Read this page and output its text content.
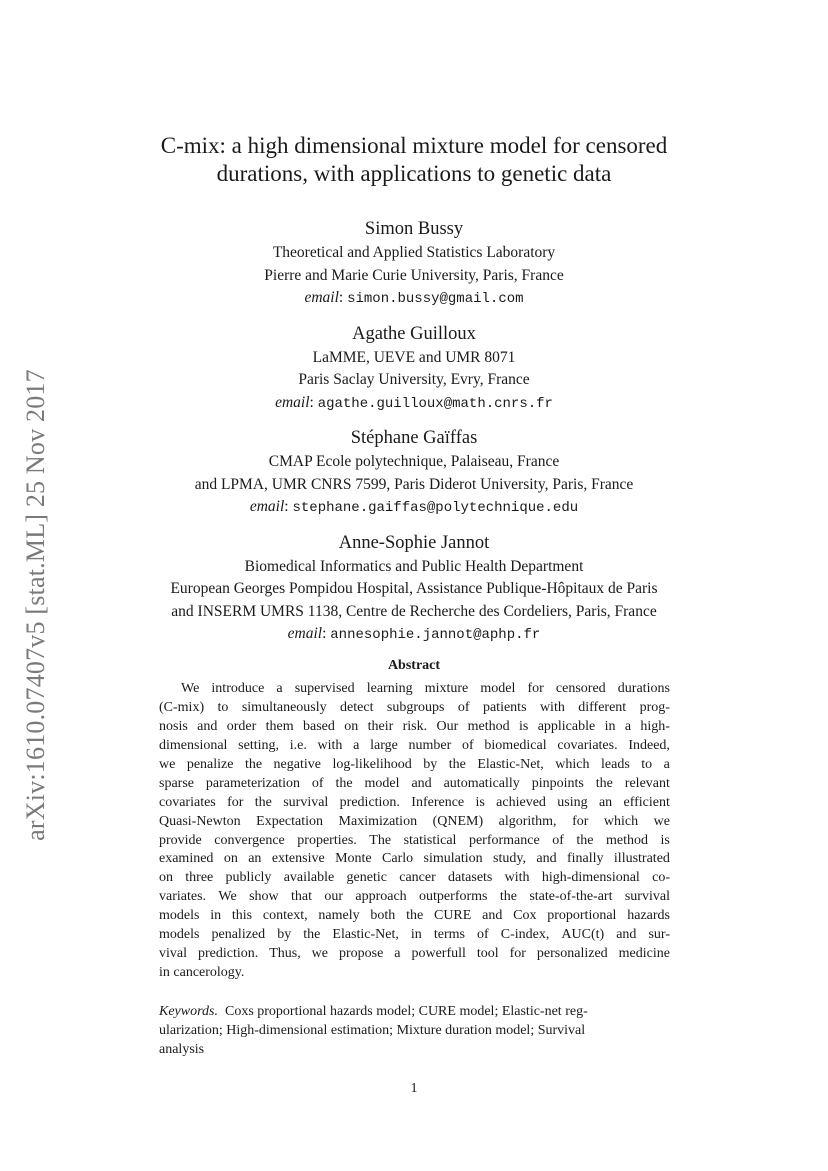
arXiv:1610.07407v5 [stat.ML] 25 Nov 2017
C-mix: a high dimensional mixture model for censored
durations, with applications to genetic data
Simon Bussy
Theoretical and Applied Statistics Laboratory
Pierre and Marie Curie University, Paris, France
email: simon.bussy@gmail.com
Agathe Guilloux
LaMME, UEVE and UMR 8071
Paris Saclay University, Evry, France
email: agathe.guilloux@math.cnrs.fr
Stéphane Gaïffas
CMAP Ecole polytechnique, Palaiseau, France
and LPMA, UMR CNRS 7599, Paris Diderot University, Paris, France
email: stephane.gaiffas@polytechnique.edu
Anne-Sophie Jannot
Biomedical Informatics and Public Health Department
European Georges Pompidou Hospital, Assistance Publique-Hôpitaux de Paris
and INSERM UMRS 1138, Centre de Recherche des Cordeliers, Paris, France
email: annesophie.jannot@aphp.fr
Abstract
We introduce a supervised learning mixture model for censored durations
(C-mix) to simultaneously detect subgroups of patients with different prog-
nosis and order them based on their risk. Our method is applicable in a high-
dimensional setting, i.e. with a large number of biomedical covariates. Indeed,
we penalize the negative log-likelihood by the Elastic-Net, which leads to a
sparse parameterization of the model and automatically pinpoints the relevant
covariates for the survival prediction. Inference is achieved using an efficient
Quasi-Newton Expectation Maximization (QNEM) algorithm, for which we
provide convergence properties. The statistical performance of the method is
examined on an extensive Monte Carlo simulation study, and finally illustrated
on three publicly available genetic cancer datasets with high-dimensional co-
variates. We show that our approach outperforms the state-of-the-art survival
models in this context, namely both the CURE and Cox proportional hazards
models penalized by the Elastic-Net, in terms of C-index, AUC(t) and sur-
vival prediction. Thus, we propose a powerfull tool for personalized medicine
in cancerology.
Keywords. Coxs proportional hazards model; CURE model; Elastic-net reg-
ularization; High-dimensional estimation; Mixture duration model; Survival
analysis
1
